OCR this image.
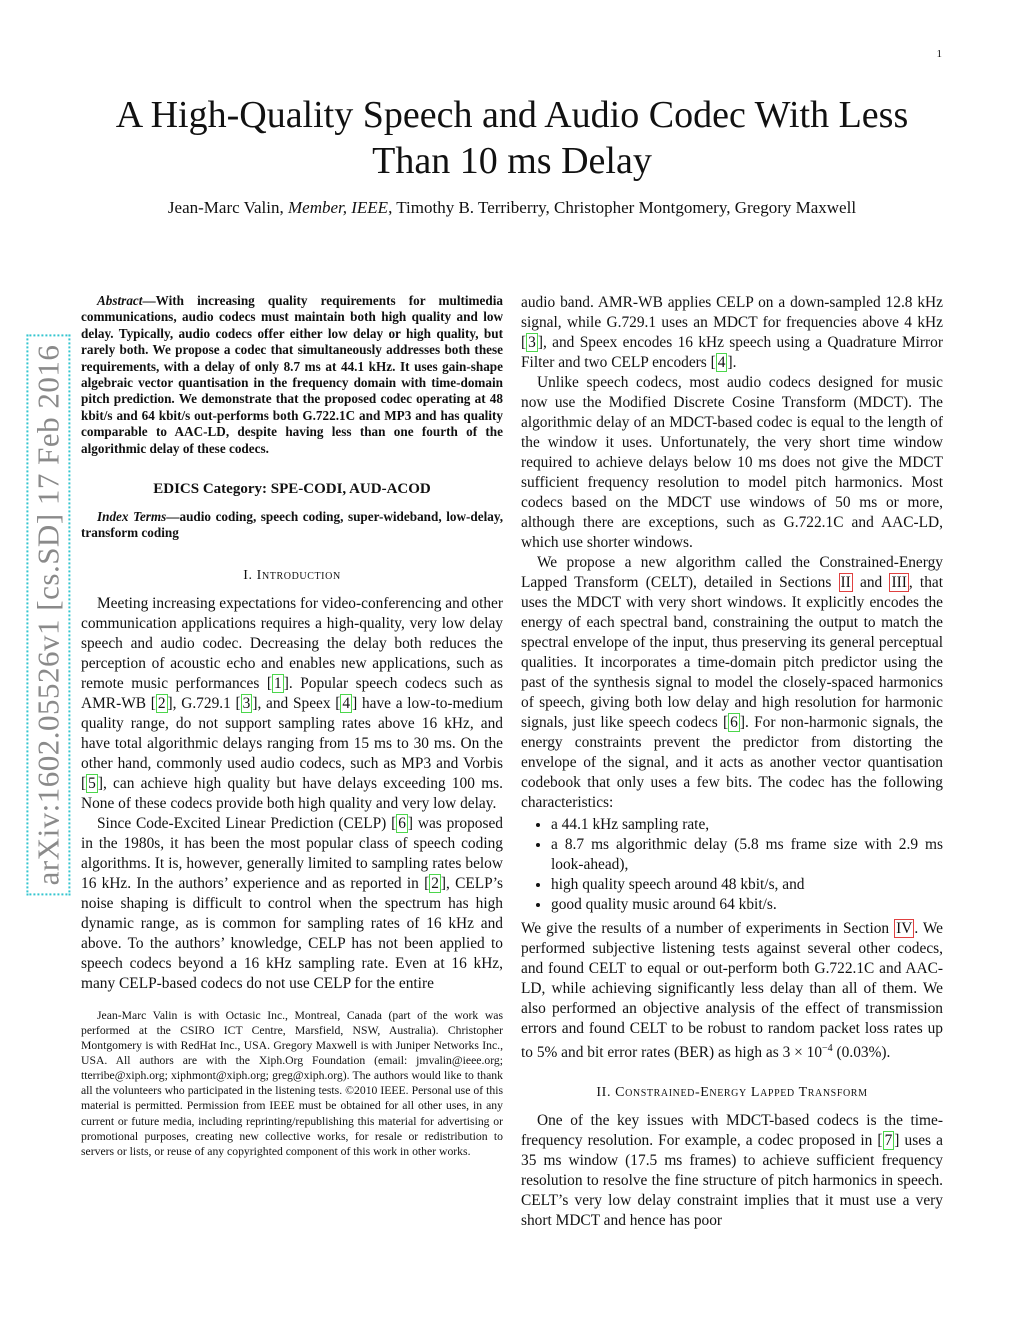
1
arXiv:1602.05526v1 [cs.SD] 17 Feb 2016
A High-Quality Speech and Audio Codec With Less Than 10 ms Delay
Jean-Marc Valin, Member, IEEE, Timothy B. Terriberry, Christopher Montgomery, Gregory Maxwell

Abstract—With increasing quality requirements for multimedia communications, audio codecs must maintain both high quality and low delay. Typically, audio codecs offer either low delay or high quality, but rarely both. We propose a codec that simultaneously addresses both these requirements, with a delay of only 8.7 ms at 44.1 kHz. It uses gain-shape algebraic vector quantisation in the frequency domain with time-domain pitch prediction. We demonstrate that the proposed codec operating at 48 kbit/s and 64 kbit/s out-performs both G.722.1C and MP3 and has quality comparable to AAC-LD, despite having less than one fourth of the algorithmic delay of these codecs.

EDICS Category: SPE-CODI, AUD-ACOD

Index Terms—audio coding, speech coding, super-wideband, low-delay, transform coding

I. Introduction

Meeting increasing expectations for video-conferencing and other communication applications requires a high-quality, very low delay speech and audio codec. Decreasing the delay both reduces the perception of acoustic echo and enables new applications, such as remote music performances [ 1 ]. Popular speech codecs such as AMR-WB [ 2 ], G.729.1 [ 3 ], and Speex [ 4 ] have a low-to-medium quality range, do not support sampling rates above 16 kHz, and have total algorithmic delays ranging from 15 ms to 30 ms. On the other hand, commonly used audio codecs, such as MP3 and Vorbis [ 5 ], can achieve high quality but have delays exceeding 100 ms. None of these codecs provide both high quality and very low delay.

Since Code-Excited Linear Prediction (CELP) [ 6 ] was proposed in the 1980s, it has been the most popular class of speech coding algorithms. It is, however, generally limited to sampling rates below 16 kHz. In the authors’ experience and as reported in [ 2 ], CELP’s noise shaping is difficult to control when the spectrum has high dynamic range, as is common for sampling rates of 16 kHz and above. To the authors’ knowledge, CELP has not been applied to speech codecs beyond a 16 kHz sampling rate. Even at 16 kHz, many CELP-based codecs do not use CELP for the entire

Jean-Marc Valin is with Octasic Inc., Montreal, Canada (part of the work was performed at the CSIRO ICT Centre, Marsfield, NSW, Australia). Christopher Montgomery is with RedHat Inc., USA. Gregory Maxwell is with Juniper Networks Inc., USA. All authors are with the Xiph.Org Foundation (email: jmvalin@ieee.org; tterribe@xiph.org; xiphmont@xiph.org; greg@xiph.org). The authors would like to thank all the volunteers who participated in the listening tests. ©2010 IEEE. Personal use of this material is permitted. Permission from IEEE must be obtained for all other uses, in any current or future media, including reprinting/republishing this material for advertising or promotional purposes, creating new collective works, for resale or redistribution to servers or lists, or reuse of any copyrighted component of this work in other works.

audio band. AMR-WB applies CELP on a down-sampled 12.8 kHz signal, while G.729.1 uses an MDCT for frequencies above 4 kHz [ 3 ], and Speex encodes 16 kHz speech using a Quadrature Mirror Filter and two CELP encoders [ 4 ].

Unlike speech codecs, most audio codecs designed for music now use the Modified Discrete Cosine Transform (MDCT). The algorithmic delay of an MDCT-based codec is equal to the length of the window it uses. Unfortunately, the very short time window required to achieve delays below 10 ms does not give the MDCT sufficient frequency resolution to model pitch harmonics. Most codecs based on the MDCT use windows of 50 ms or more, although there are exceptions, such as G.722.1C and AAC-LD, which use shorter windows.

We propose a new algorithm called the Constrained-Energy Lapped Transform (CELT), detailed in Sections II and III , that uses the MDCT with very short windows. It explicitly encodes the energy of each spectral band, constraining the output to match the spectral envelope of the input, thus preserving its general perceptual qualities. It incorporates a time-domain pitch predictor using the past of the synthesis signal to model the closely-spaced harmonics of speech, giving both low delay and high resolution for harmonic signals, just like speech codecs [ 6 ]. For non-harmonic signals, the energy constraints prevent the predictor from distorting the envelope of the signal, and it acts as another vector quantisation codebook that only uses a few bits. The codec has the following characteristics:

• a 44.1 kHz sampling rate,
• a 8.7 ms algorithmic delay (5.8 ms frame size with 2.9 ms look-ahead),
• high quality speech around 48 kbit/s, and
• good quality music around 64 kbit/s.

We give the results of a number of experiments in Section IV . We performed subjective listening tests against several other codecs, and found CELT to equal or out-perform both G.722.1C and AAC-LD, while achieving significantly less delay than all of them. We also performed an objective analysis of the effect of transmission errors and found CELT to be robust to random packet loss rates up to 5% and bit error rates (BER) as high as $3 \times 10^{-4}$ (0.03%).

II. Constrained-Energy Lapped Transform

One of the key issues with MDCT-based codecs is the time-frequency resolution. For example, a codec proposed in [ 7 ] uses a 35 ms window (17.5 ms frames) to achieve sufficient frequency resolution to resolve the fine structure of pitch harmonics in speech. CELT’s very low delay constraint implies that it must use a very short MDCT and hence has poor
